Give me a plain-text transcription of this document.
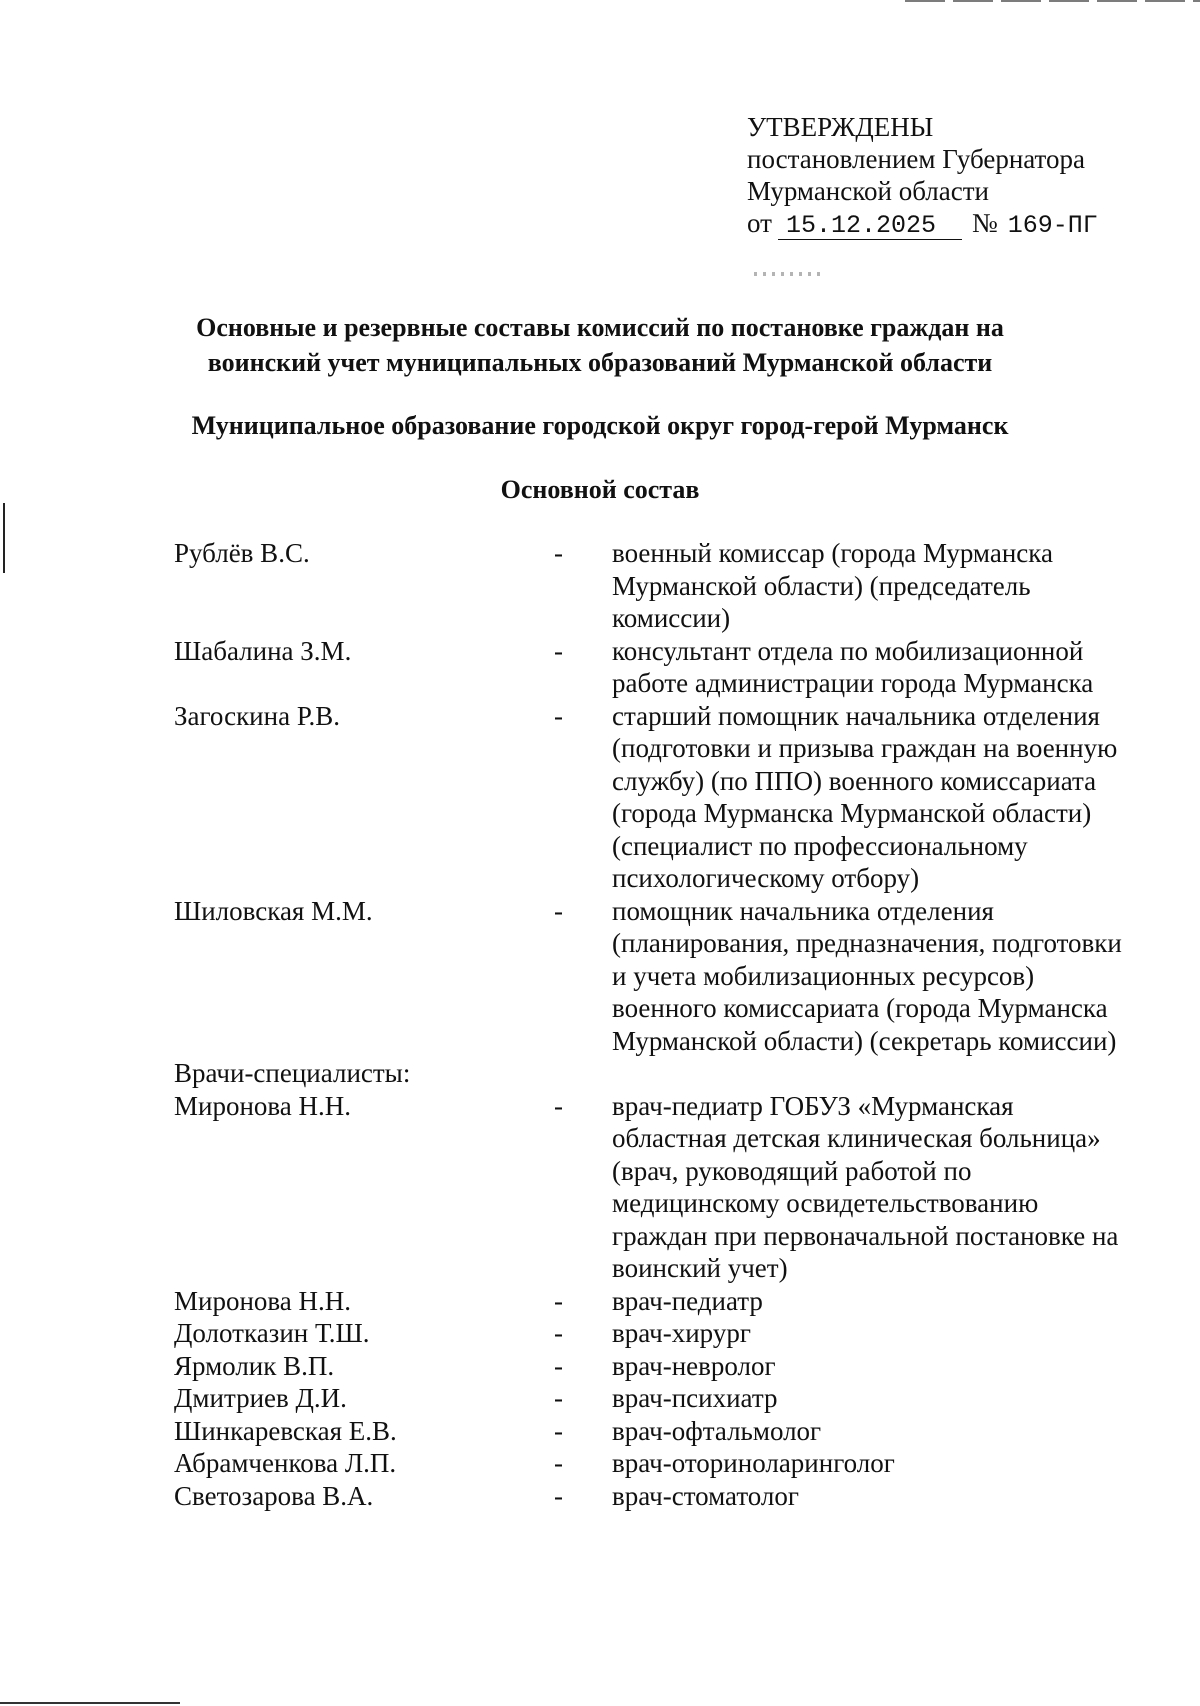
УТВЕРЖДЕНЫ
постановлением Губернатора
Мурманской области
от 15.12.2025 № 169-ПГ
Основные и резервные составы комиссий по постановке граждан на
воинский учет муниципальных образований Мурманской области
Муниципальное образование городской округ город-герой Мурманск
Основной состав
Рублёв В.С.	-	военный комиссар (города Мурманска Мурманской области) (председатель комиссии)
Шабалина З.М.	-	консультант отдела по мобилизационной работе администрации города Мурманска
Загоскина Р.В.	-	старший помощник начальника отделения (подготовки и призыва граждан на военную службу) (по ППО) военного комиссариата (города Мурманска Мурманской области) (специалист по профессиональному психологическому отбору)
Шиловская М.М.	-	помощник начальника отделения (планирования, предназначения, подготовки и учета мобилизационных ресурсов) военного комиссариата (города Мурманска Мурманской области) (секретарь комиссии)
Врачи-специалисты:
Миронова Н.Н.	-	врач-педиатр ГОБУЗ «Мурманская областная детская клиническая больница» (врач, руководящий работой по медицинскому освидетельствованию граждан при первоначальной постановке на воинский учет)
Миронова Н.Н.	-	врач-педиатр
Долотказин Т.Ш.	-	врач-хирург
Ярмолик В.П.	-	врач-невролог
Дмитриев Д.И.	-	врач-психиатр
Шинкаревская Е.В.	-	врач-офтальмолог
Абрамченкова Л.П.	-	врач-оториноларинголог
Светозарова В.А.	-	врач-стоматолог
